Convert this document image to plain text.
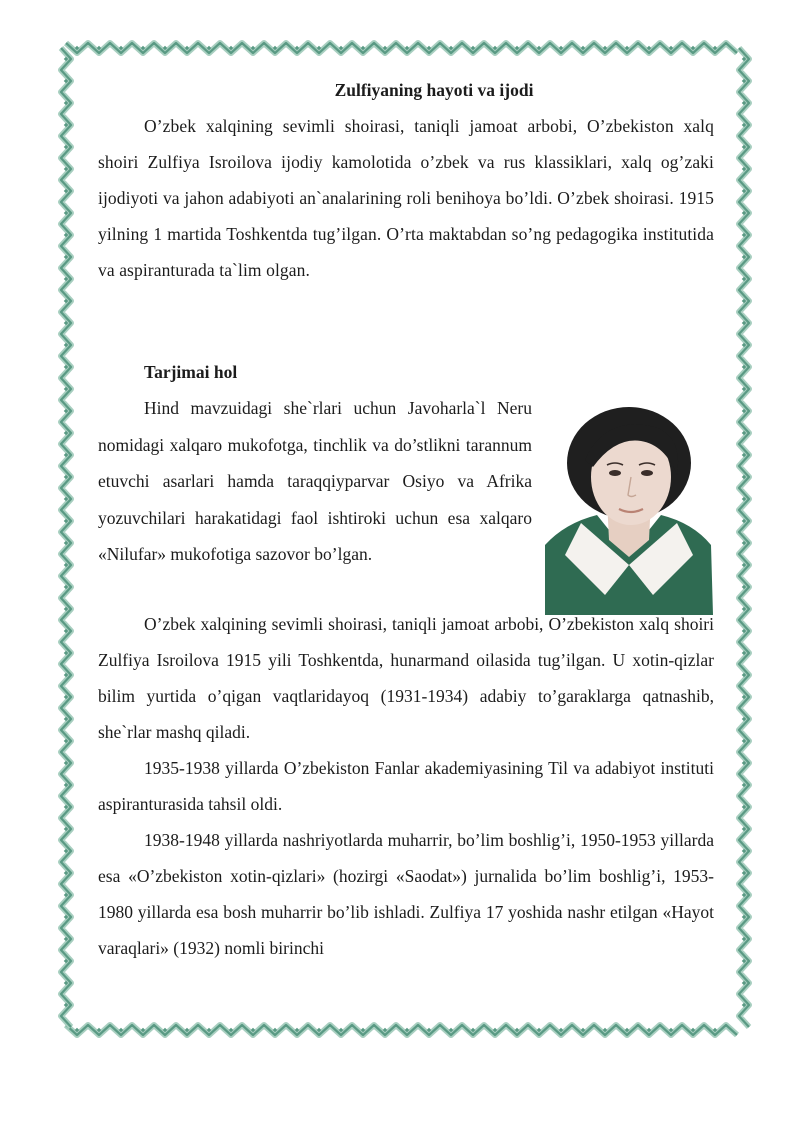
Zulfiyaning hayoti va ijodi

O’zbek xalqining sevimli shoirasi, taniqli jamoat arbobi, O’zbekiston xalq shoiri Zulfiya Isroilova ijodiy kamolotida o’zbek va rus klassiklari, xalq og’zaki ijodiyoti va jahon adabiyoti an`analarining roli benihoya bo’ldi. O’zbek shoirasi. 1915 yilning 1 martida Toshkentda tug’ilgan. O’rta maktabdan so’ng pedagogika institutida va aspiranturada ta`lim olgan.

Tarjimai hol

Hind mavzuidagi she`rlari uchun Javoharla`l Neru nomidagi xalqaro mukofotga, tinchlik va do’stlikni tarannum etuvchi asarlari hamda taraqqiyparvar Osiyo va Afrika yozuvchilari harakatidagi faol ishtiroki uchun esa xalqaro «Nilufar» mukofotiga sazovor bo’lgan.

O’zbek xalqining sevimli shoirasi, taniqli jamoat arbobi, O’zbekiston xalq shoiri Zulfiya Isroilova 1915 yili Toshkentda, hunarmand oilasida tug’ilgan. U xotin-qizlar bilim yurtida o’qigan vaqtlaridayoq (1931-1934) adabiy to’garaklarga qatnashib, she`rlar mashq qiladi.

1935-1938 yillarda O’zbekiston Fanlar akademiyasining Til va adabiyot instituti aspiranturasida tahsil oldi.

1938-1948 yillarda nashriyotlarda muharrir, bo’lim boshlig’i, 1950-1953 yillarda esa «O’zbekiston xotin-qizlari» (hozirgi «Saodat») jurnalida bo’lim boshlig’i, 1953-1980 yillarda esa bosh muharrir bo’lib ishladi. Zulfiya 17 yoshida nashr etilgan «Hayot varaqlari» (1932) nomli birinchi
